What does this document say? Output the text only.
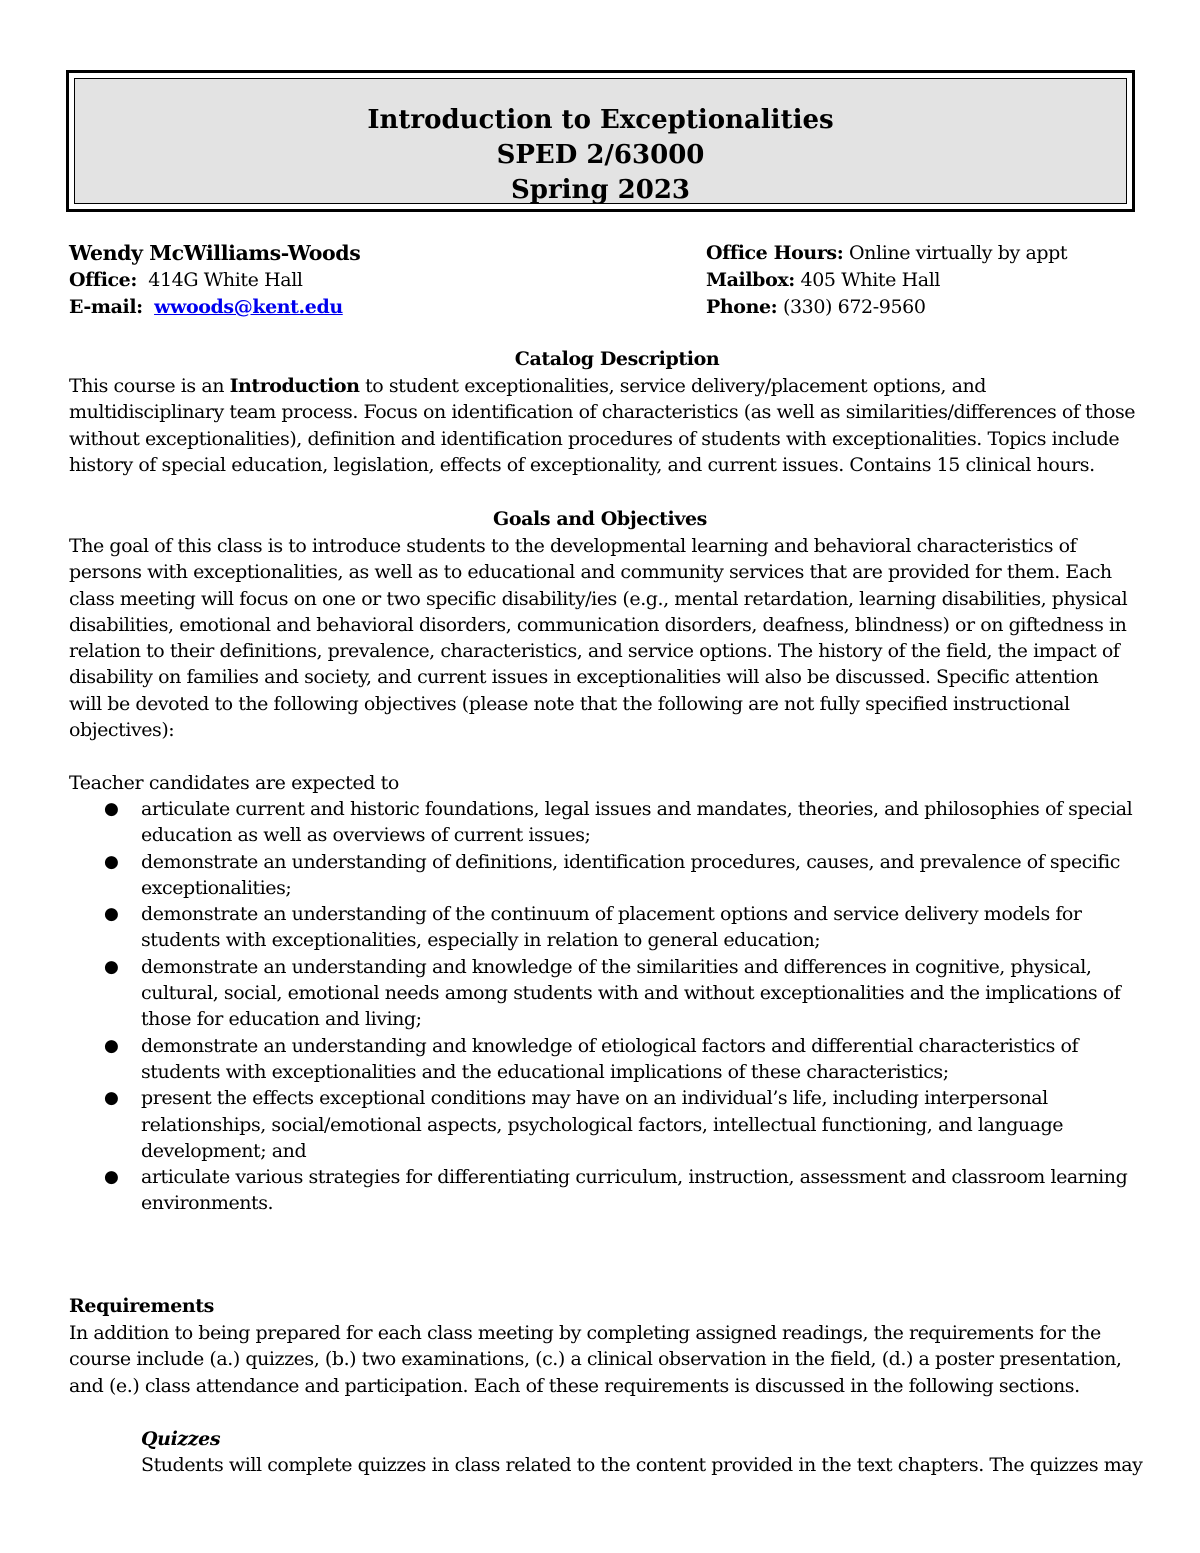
Introduction to Exceptionalities
SPED 2/63000
Spring 2023
Wendy McWilliams-Woods
Office: 414G White Hall
E-mail: wwoods@kent.edu
Office Hours: Online virtually by appt
Mailbox: 405 White Hall
Phone: (330) 672-9560
Catalog Description
This course is an Introduction to student exceptionalities, service delivery/placement options, and
multidisciplinary team process. Focus on identification of characteristics (as well as similarities/differences of those
without exceptionalities), definition and identification procedures of students with exceptionalities. Topics include
history of special education, legislation, effects of exceptionality, and current issues. Contains 15 clinical hours.
Goals and Objectives
The goal of this class is to introduce students to the developmental learning and behavioral characteristics of
persons with exceptionalities, as well as to educational and community services that are provided for them. Each
class meeting will focus on one or two specific disability/ies (e.g., mental retardation, learning disabilities, physical
disabilities, emotional and behavioral disorders, communication disorders, deafness, blindness) or on giftedness in
relation to their definitions, prevalence, characteristics, and service options. The history of the field, the impact of
disability on families and society, and current issues in exceptionalities will also be discussed. Specific attention
will be devoted to the following objectives (please note that the following are not fully specified instructional
objectives):
Teacher candidates are expected to
● articulate current and historic foundations, legal issues and mandates, theories, and philosophies of special
education as well as overviews of current issues;
● demonstrate an understanding of definitions, identification procedures, causes, and prevalence of specific
exceptionalities;
● demonstrate an understanding of the continuum of placement options and service delivery models for
students with exceptionalities, especially in relation to general education;
● demonstrate an understanding and knowledge of the similarities and differences in cognitive, physical,
cultural, social, emotional needs among students with and without exceptionalities and the implications of
those for education and living;
● demonstrate an understanding and knowledge of etiological factors and differential characteristics of
students with exceptionalities and the educational implications of these characteristics;
● present the effects exceptional conditions may have on an individual’s life, including interpersonal
relationships, social/emotional aspects, psychological factors, intellectual functioning, and language
development; and
● articulate various strategies for differentiating curriculum, instruction, assessment and classroom learning
environments.
Requirements
In addition to being prepared for each class meeting by completing assigned readings, the requirements for the
course include (a.) quizzes, (b.) two examinations, (c.) a clinical observation in the field, (d.) a poster presentation,
and (e.) class attendance and participation. Each of these requirements is discussed in the following sections.
Quizzes
Students will complete quizzes in class related to the content provided in the text chapters. The quizzes may
